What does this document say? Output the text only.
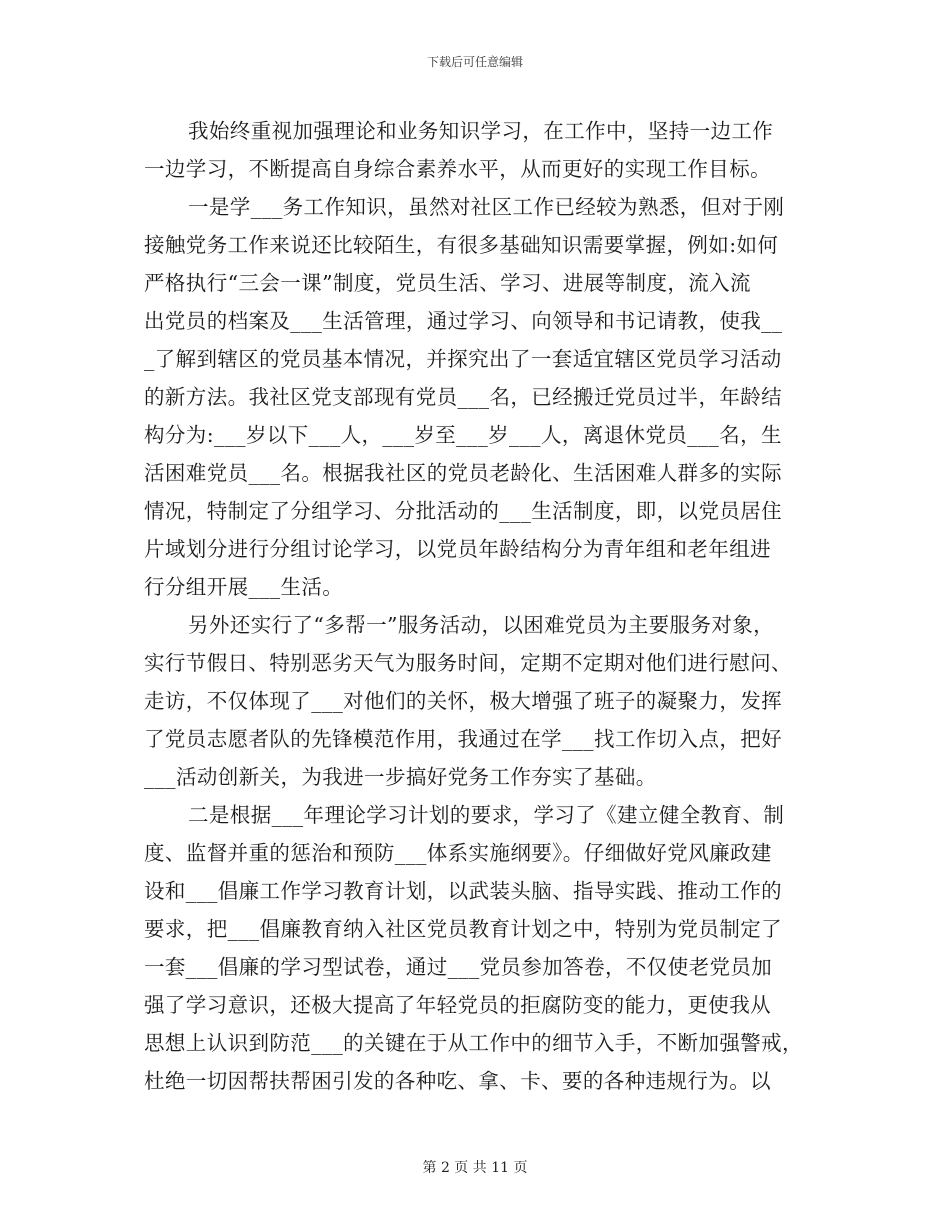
下载后可任意编辑
我始终重视加强理论和业务知识学习，在工作中，坚持一边工作
一边学习，不断提高自身综合素养水平，从而更好的实现工作目标。
一是学___务工作知识，虽然对社区工作已经较为熟悉，但对于刚
接触党务工作来说还比较陌生，有很多基础知识需要掌握，例如:如何
严格执行“三会一课”制度，党员生活、学习、进展等制度，流入流
出党员的档案及___生活管理，通过学习、向领导和书记请教，使我__
_了解到辖区的党员基本情况，并探究出了一套适宜辖区党员学习活动
的新方法。我社区党支部现有党员___名，已经搬迁党员过半，年龄结
构分为:___岁以下___人，___岁至___岁___人，离退休党员___名，生
活困难党员___名。根据我社区的党员老龄化、生活困难人群多的实际
情况，特制定了分组学习、分批活动的___生活制度，即，以党员居住
片域划分进行分组讨论学习，以党员年龄结构分为青年组和老年组进
行分组开展___生活。
另外还实行了“多帮一”服务活动，以困难党员为主要服务对象，
实行节假日、特别恶劣天气为服务时间，定期不定期对他们进行慰问、
走访，不仅体现了___对他们的关怀，极大增强了班子的凝聚力，发挥
了党员志愿者队的先锋模范作用，我通过在学___找工作切入点，把好
___活动创新关，为我进一步搞好党务工作夯实了基础。
二是根据___年理论学习计划的要求，学习了《建立健全教育、制
度、监督并重的惩治和预防___体系实施纲要》。仔细做好党风廉政建
设和___倡廉工作学习教育计划，以武装头脑、指导实践、推动工作的
要求，把___倡廉教育纳入社区党员教育计划之中，特别为党员制定了
一套___倡廉的学习型试卷，通过___党员参加答卷，不仅使老党员加
强了学习意识，还极大提高了年轻党员的拒腐防变的能力，更使我从
思想上认识到防范___的关键在于从工作中的细节入手，不断加强警戒，
杜绝一切因帮扶帮困引发的各种吃、拿、卡、要的各种违规行为。以
第 2 页 共 11 页
